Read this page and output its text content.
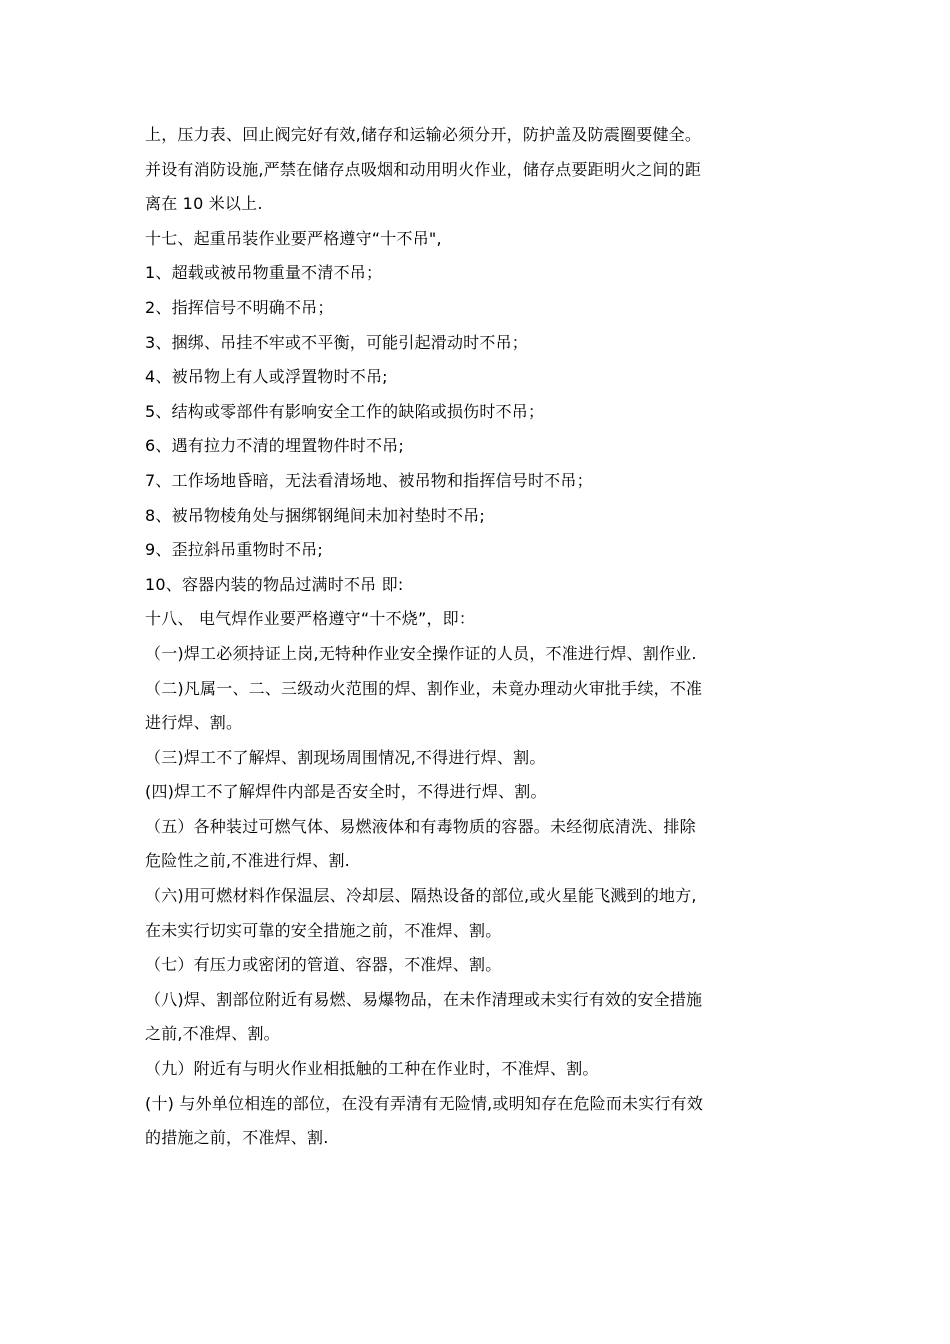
上，压力表、回止阀完好有效,储存和运输必须分开，防护盖及防震圈要健全。
并设有消防设施,严禁在储存点吸烟和动用明火作业，储存点要距明火之间的距
离在 10 米以上.
十七、起重吊装作业要严格遵守“十不吊",
1、超载或被吊物重量不清不吊；
2、指挥信号不明确不吊；
3、捆绑、吊挂不牢或不平衡，可能引起滑动时不吊；
4、被吊物上有人或浮置物时不吊;
5、结构或零部件有影响安全工作的缺陷或损伤时不吊；
6、遇有拉力不清的埋置物件时不吊;
7、工作场地昏暗，无法看清场地、被吊物和指挥信号时不吊；
8、被吊物棱角处与捆绑钢绳间未加衬垫时不吊;
9、歪拉斜吊重物时不吊;
10、容器内装的物品过满时不吊 即:
十八、 电气焊作业要严格遵守“十不烧”，即：
（一)焊工必须持证上岗,无特种作业安全操作证的人员，不准进行焊、割作业.
（二)凡属一、二、三级动火范围的焊、割作业，未竟办理动火审批手续，不准
进行焊、割。
（三)焊工不了解焊、割现场周围情况,不得进行焊、割。
(四)焊工不了解焊件内部是否安全时，不得进行焊、割。
（五）各种装过可燃气体、易燃液体和有毒物质的容器。未经彻底清洗、排除
危险性之前,不准进行焊、割.
（六)用可燃材料作保温层、冷却层、隔热设备的部位,或火星能飞溅到的地方,
在未实行切实可靠的安全措施之前，不准焊、割。
（七）有压力或密闭的管道、容器，不准焊、割。
（八)焊、割部位附近有易燃、易爆物品，在未作清理或未实行有效的安全措施
之前,不准焊、割。
（九）附近有与明火作业相抵触的工种在作业时，不准焊、割。
(十) 与外单位相连的部位，在没有弄清有无险情,或明知存在危险而未实行有效
的措施之前，不准焊、割.
